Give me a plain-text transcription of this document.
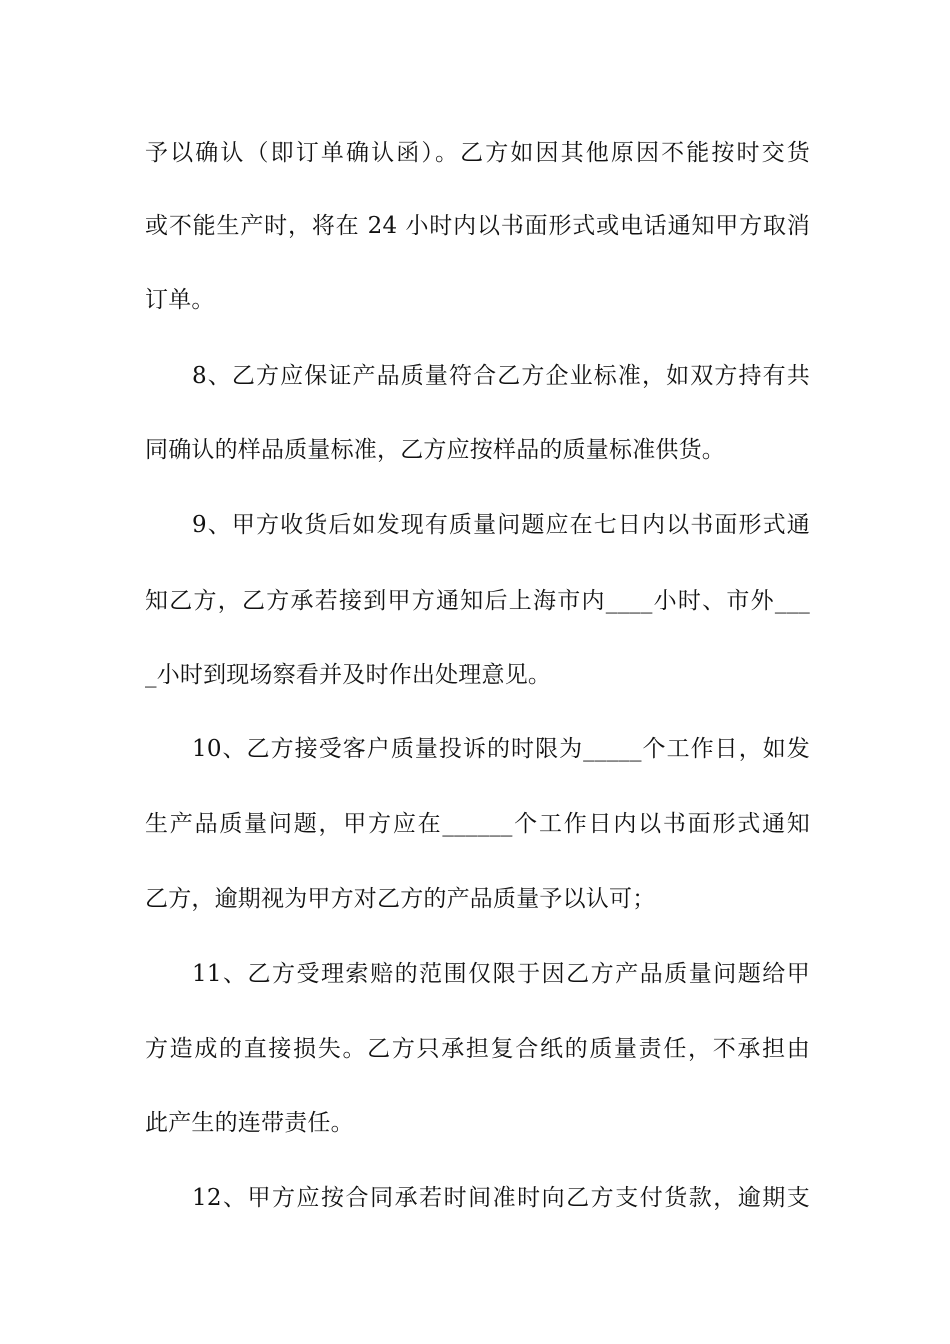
予以确认（即订单确认函）。乙方如因其他原因不能按时交货
或不能生产时，将在 24 小时内以书面形式或电话通知甲方取消
订单。
8、乙方应保证产品质量符合乙方企业标准，如双方持有共
同确认的样品质量标准，乙方应按样品的质量标准供货。
9、甲方收货后如发现有质量问题应在七日内以书面形式通
知乙方，乙方承若接到甲方通知后上海市内____小时、市外___
_小时到现场察看并及时作出处理意见。
10、乙方接受客户质量投诉的时限为_____个工作日，如发
生产品质量问题，甲方应在______个工作日内以书面形式通知
乙方，逾期视为甲方对乙方的产品质量予以认可；
11、乙方受理索赔的范围仅限于因乙方产品质量问题给甲
方造成的直接损失。乙方只承担复合纸的质量责任，不承担由
此产生的连带责任。
12、甲方应按合同承若时间准时向乙方支付货款，逾期支
